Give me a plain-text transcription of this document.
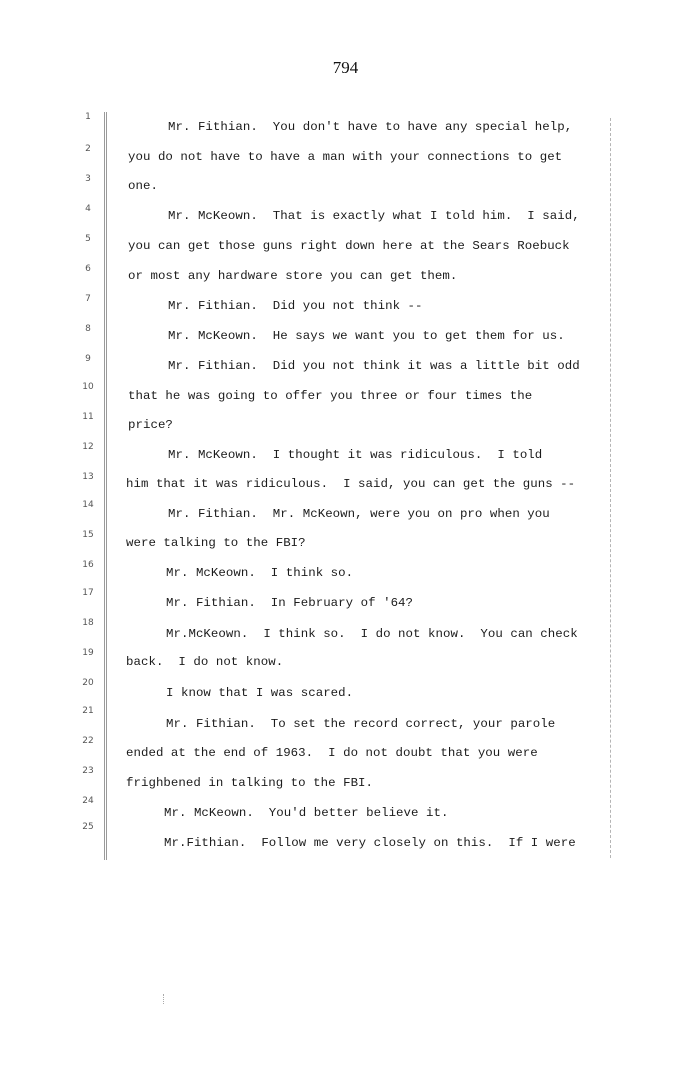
794
1
2
3
4
5
6
7
8
9
10
11
12
13
14
15
16
17
18
19
20
21
22
23
24
25
Mr. Fithian.  You don't have to have any special help,
you do not have to have a man with your connections to get
one.
Mr. McKeown.  That is exactly what I told him.  I said,
you can get those guns right down here at the Sears Roebuck
or most any hardware store you can get them.
Mr. Fithian.  Did you not think --
Mr. McKeown.  He says we want you to get them for us.
Mr. Fithian.  Did you not think it was a little bit odd
that he was going to offer you three or four times the
price?
Mr. McKeown.  I thought it was ridiculous.  I told
him that it was ridiculous.  I said, you can get the guns --
Mr. Fithian.  Mr. McKeown, were you on pro when you
were talking to the FBI?
Mr. McKeown.  I think so.
Mr. Fithian.  In February of '64?
Mr.McKeown.  I think so.  I do not know.  You can check
back.  I do not know.
I know that I was scared.
Mr. Fithian.  To set the record correct, your parole
ended at the end of 1963.  I do not doubt that you were
frighbened in talking to the FBI.
Mr. McKeown.  You'd better believe it.
Mr.Fithian.  Follow me very closely on this.  If I were
